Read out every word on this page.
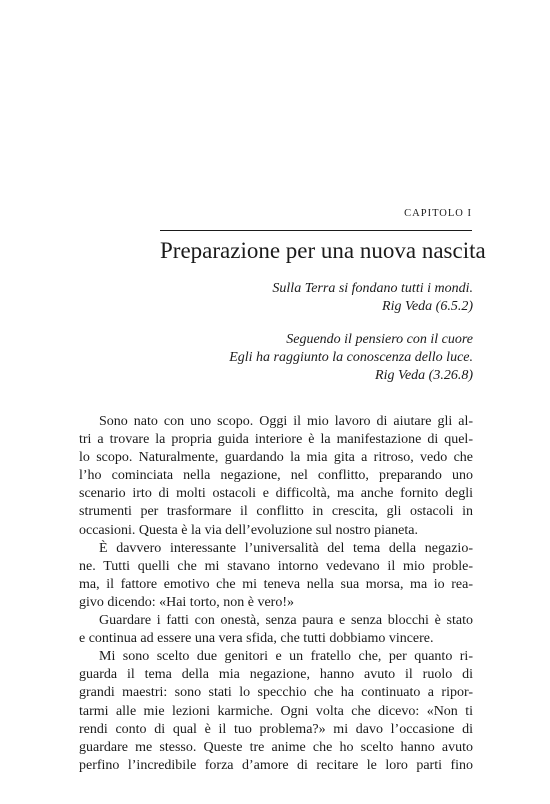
CAPITOLO I
Preparazione per una nuova nascita
Sulla Terra si fondano tutti i mondi.
Rig Veda (6.5.2)
Seguendo il pensiero con il cuore
Egli ha raggiunto la conoscenza dello luce.
Rig Veda (3.26.8)
Sono nato con uno scopo. Oggi il mio lavoro di aiutare gli al-
tri a trovare la propria guida interiore è la manifestazione di quel-
lo scopo. Naturalmente, guardando la mia gita a ritroso, vedo che
l’ho cominciata nella negazione, nel conflitto, preparando uno
scenario irto di molti ostacoli e difficoltà, ma anche fornito degli
strumenti per trasformare il conflitto in crescita, gli ostacoli in
occasioni. Questa è la via dell’evoluzione sul nostro pianeta.
È davvero interessante l’universalità del tema della negazio-
ne. Tutti quelli che mi stavano intorno vedevano il mio proble-
ma, il fattore emotivo che mi teneva nella sua morsa, ma io rea-
givo dicendo: «Hai torto, non è vero!»
Guardare i fatti con onestà, senza paura e senza blocchi è stato
e continua ad essere una vera sfida, che tutti dobbiamo vincere.
Mi sono scelto due genitori e un fratello che, per quanto ri-
guarda il tema della mia negazione, hanno avuto il ruolo di
grandi maestri: sono stati lo specchio che ha continuato a ripor-
tarmi alle mie lezioni karmiche. Ogni volta che dicevo: «Non ti
rendi conto di qual è il tuo problema?» mi davo l’occasione di
guardare me stesso. Queste tre anime che ho scelto hanno avuto
perfino l’incredibile forza d’amore di recitare le loro parti fino
